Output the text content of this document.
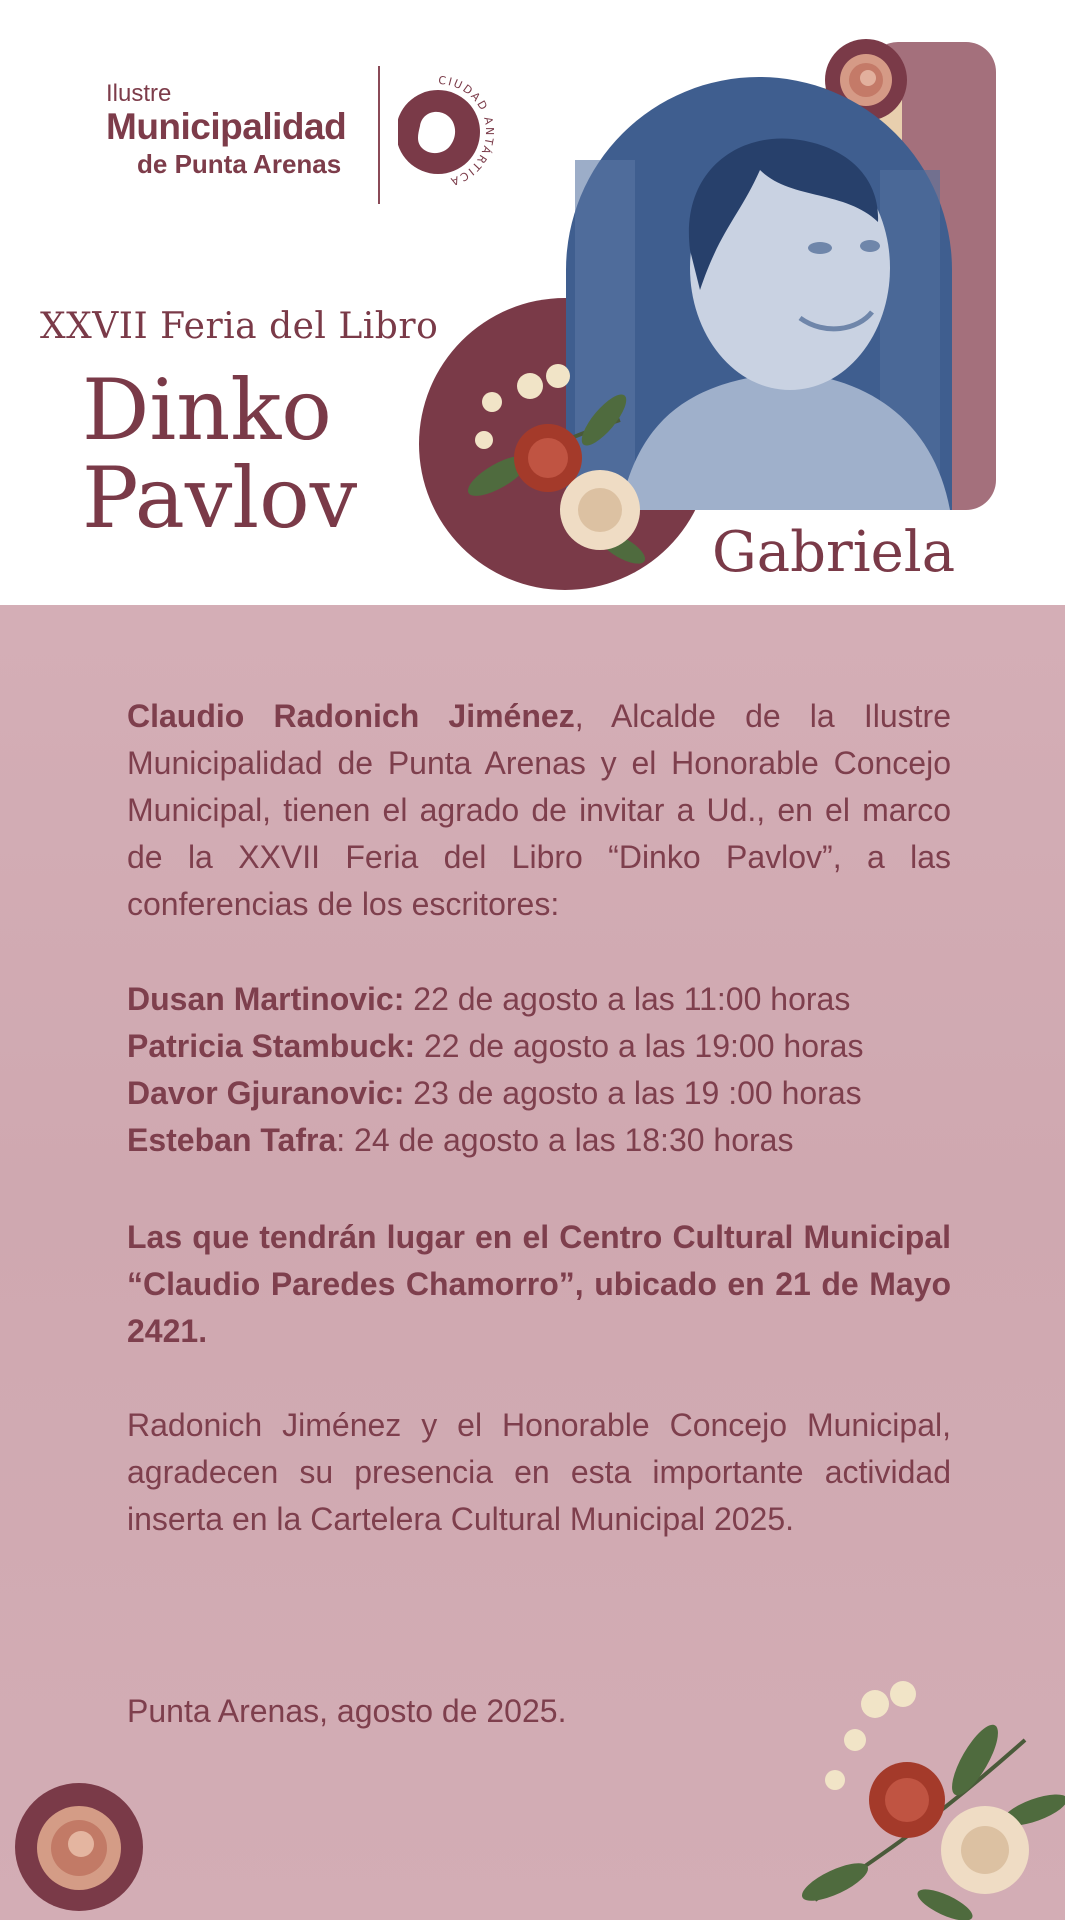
Ilustre
Municipalidad
de Punta Arenas
CIUDAD ANTÁRTICA
XXVII Feria del Libro
Dinko
Pavlov
Gabriela
Claudio Radonich Jiménez, Alcalde de la Ilustre Municipalidad de Punta Arenas y el Honorable Concejo Municipal, tienen el agrado de invitar a Ud., en el marco de la XXVII Feria del Libro “Dinko Pavlov”, a las conferencias de los escritores:
Dusan Martinovic: 22 de agosto a las 11:00 horas
Patricia Stambuck: 22 de agosto a las 19:00 horas
Davor Gjuranovic: 23 de agosto a las 19 :00 horas
Esteban Tafra: 24 de agosto a las 18:30 horas
Las que tendrán lugar en el Centro Cultural Municipal “Claudio Paredes Chamorro”, ubicado en 21 de Mayo 2421.
Radonich Jiménez y el Honorable Concejo Municipal, agradecen su presencia en esta importante actividad inserta en la Cartelera Cultural Municipal 2025.
Punta Arenas, agosto de 2025.
